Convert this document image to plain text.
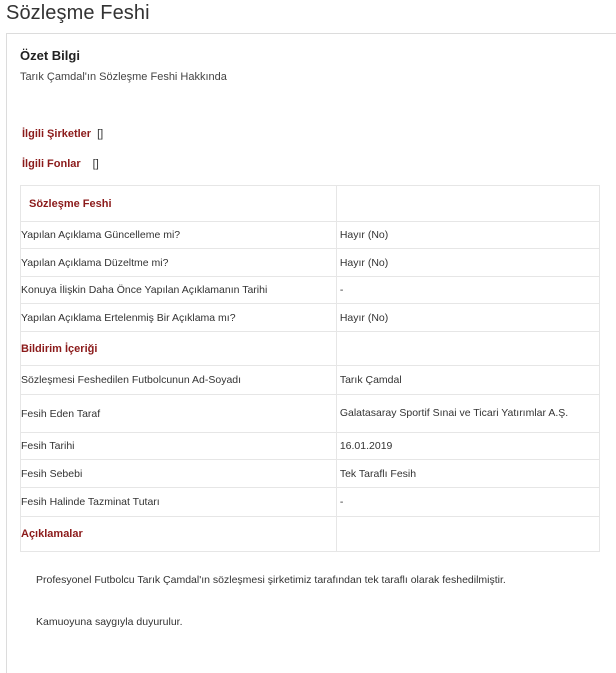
Sözleşme Feshi
Özet Bilgi
Tarık Çamdal'ın Sözleşme Feshi Hakkında
İlgili Şirketler []
İlgili Fonlar []
Sözleşme Feshi	
Yapılan Açıklama Güncelleme mi?	Hayır (No)
Yapılan Açıklama Düzeltme mi?	Hayır (No)
Konuya İlişkin Daha Önce Yapılan Açıklamanın Tarihi	-
Yapılan Açıklama Ertelenmiş Bir Açıklama mı?	Hayır (No)
Bildirim İçeriği	
Sözleşmesi Feshedilen Futbolcunun Ad-Soyadı	Tarık Çamdal
Fesih Eden Taraf	Galatasaray Sportif Sınai ve Ticari Yatırımlar A.Ş.
Fesih Tarihi	16.01.2019
Fesih Sebebi	Tek Taraflı Fesih
Fesih Halinde Tazminat Tutarı	-
Açıklamalar	
Profesyonel Futbolcu Tarık Çamdal'ın sözleşmesi şirketimiz tarafından tek taraflı olarak feshedilmiştir.
Kamuoyuna saygıyla duyurulur.
